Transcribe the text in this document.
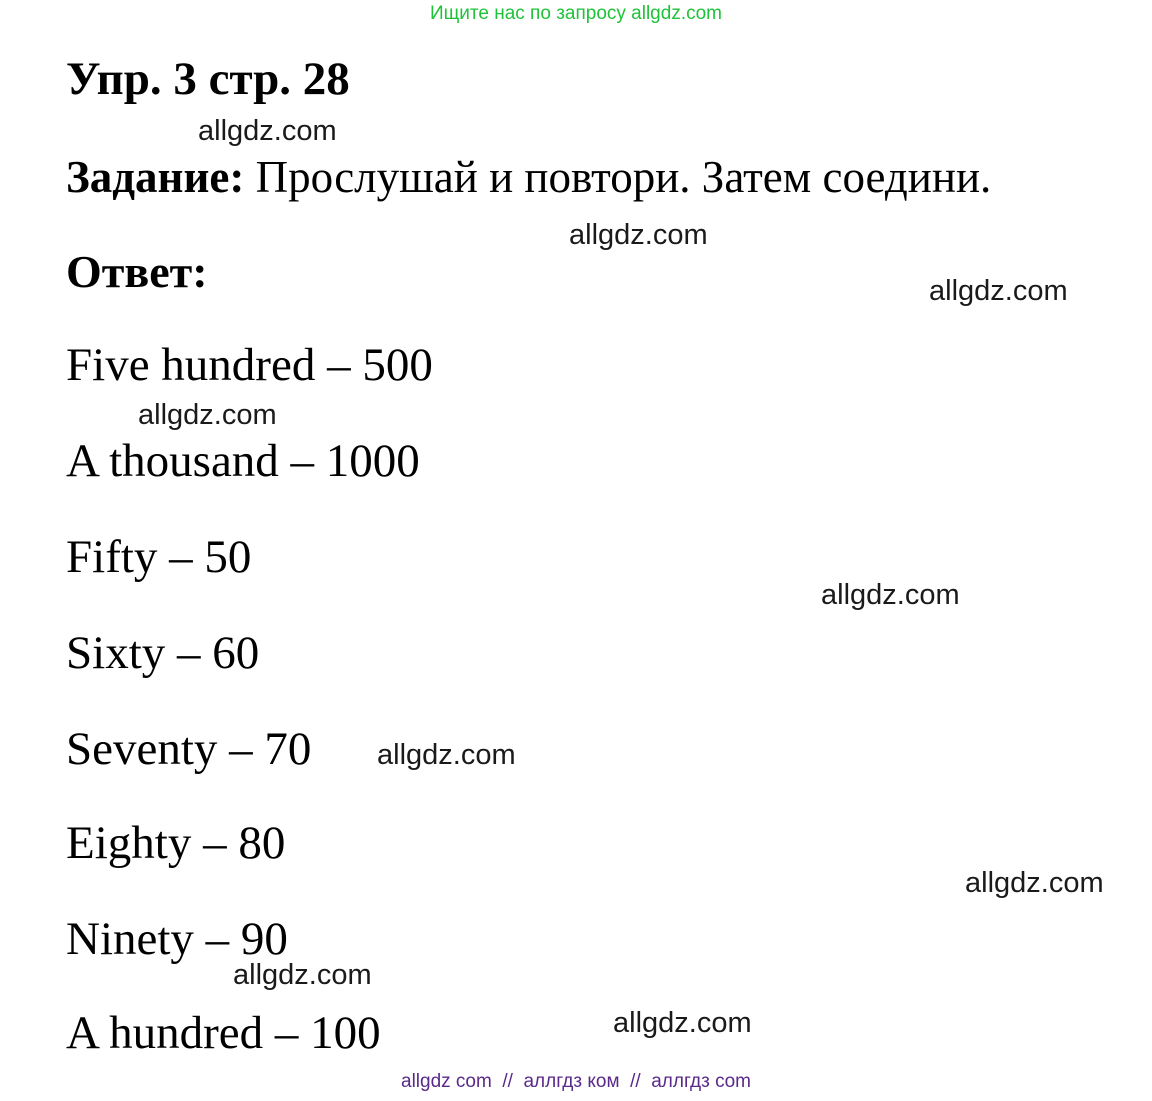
Ищите нас по запросу allgdz.com
Упр. 3 стр. 28
Задание: Прослушай и повтори. Затем соедини.
Ответ:
Five hundred – 500
A thousand – 1000
Fifty – 50
Sixty – 60
Seventy – 70
Eighty – 80
Ninety – 90
A hundred – 100
allgdz.com
allgdz.com
allgdz.com
allgdz.com
allgdz.com
allgdz.com
allgdz.com
allgdz.com
allgdz.com
allgdz com  //  аллгдз ком  //  аллгдз com
